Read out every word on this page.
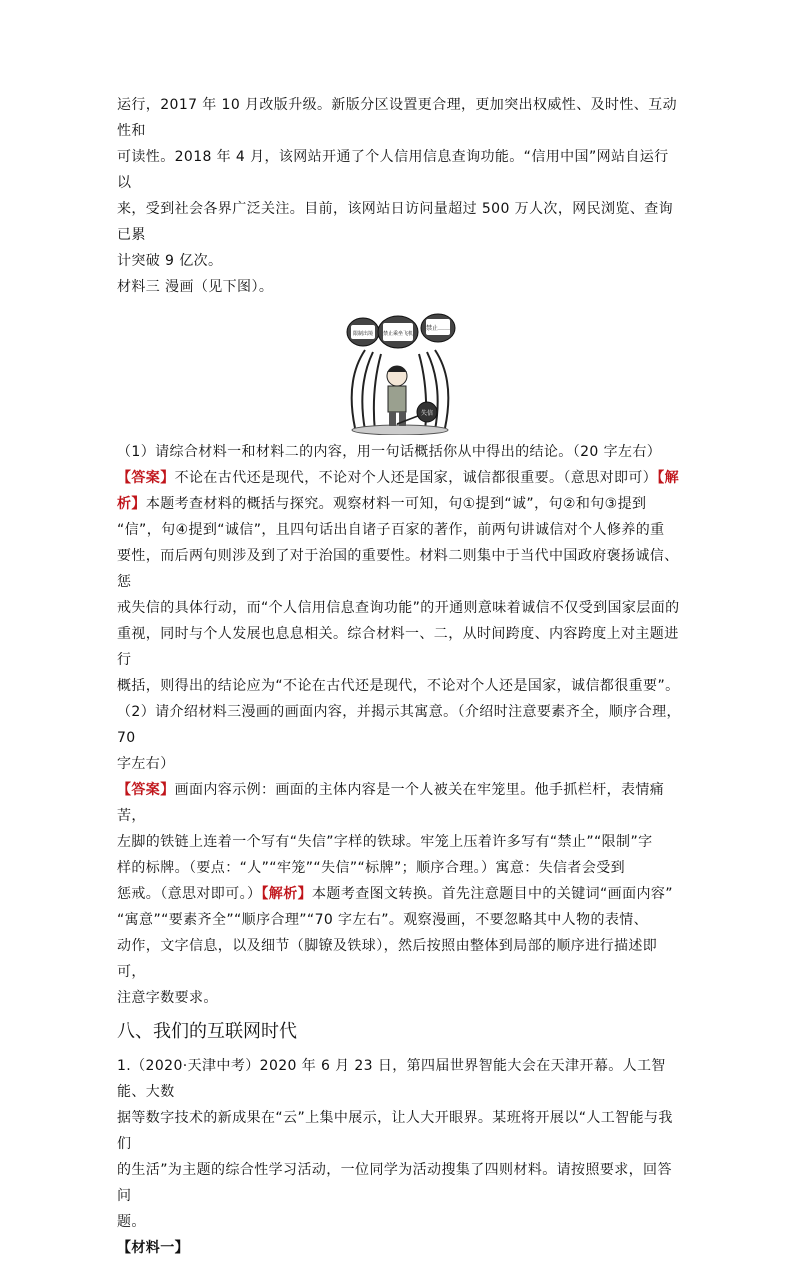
运行，2017 年 10 月改版升级。新版分区设置更合理，更加突出权威性、及时性、互动性和

可读性。2018 年 4 月，该网站开通了个人信用信息查询功能。“信用中国”网站自运行以

来，受到社会各界广泛关注。目前，该网站日访问量超过 500 万人次，网民浏览、查询已累

计突破 9 亿次。

材料三 漫画（见下图）。

限制出境 禁止乘坐飞机
禁止……
失信

（1）请综合材料一和材料二的内容，用一句话概括你从中得出的结论。（20 字左右）

【答案】不论在古代还是现代，不论对个人还是国家，诚信都很重要。（意思对即可）【解

析】本题考查材料的概括与探究。观察材料一可知，句①提到“诚”，句②和句③提到

“信”，句④提到“诚信”，且四句话出自诸子百家的著作，前两句讲诚信对个人修养的重

要性，而后两句则涉及到了对于治国的重要性。材料二则集中于当代中国政府褒扬诚信、惩

戒失信的具体行动，而“个人信用信息查询功能”的开通则意味着诚信不仅受到国家层面的

重视，同时与个人发展也息息相关。综合材料一、二，从时间跨度、内容跨度上对主题进行

概括，则得出的结论应为“不论在古代还是现代，不论对个人还是国家，诚信都很重要”。

（2）请介绍材料三漫画的画面内容，并揭示其寓意。（介绍时注意要素齐全，顺序合理，70

字左右）

【答案】画面内容示例：画面的主体内容是一个人被关在牢笼里。他手抓栏杆，表情痛苦，

左脚的铁链上连着一个写有“失信”字样的铁球。牢笼上压着许多写有“禁止”“限制”字

样的标牌。（要点：“人”“牢笼”“失信”“标牌”；顺序合理。）寓意：失信者会受到

惩戒。（意思对即可。）【解析】本题考查图文转换。首先注意题目中的关键词“画面内容”

“寓意”“要素齐全”“顺序合理”“70 字左右”。观察漫画，不要忽略其中人物的表情、

动作，文字信息，以及细节（脚镣及铁球），然后按照由整体到局部的顺序进行描述即可，

注意字数要求。

八、我们的互联网时代

1.（2020·天津中考）2020 年 6 月 23 日，第四届世界智能大会在天津开幕。人工智能、大数

据等数字技术的新成果在“云”上集中展示，让人大开眼界。某班将开展以“人工智能与我们

的生活”为主题的综合性学习活动，一位同学为活动搜集了四则材料。请按照要求，回答问

题。

【材料一】
